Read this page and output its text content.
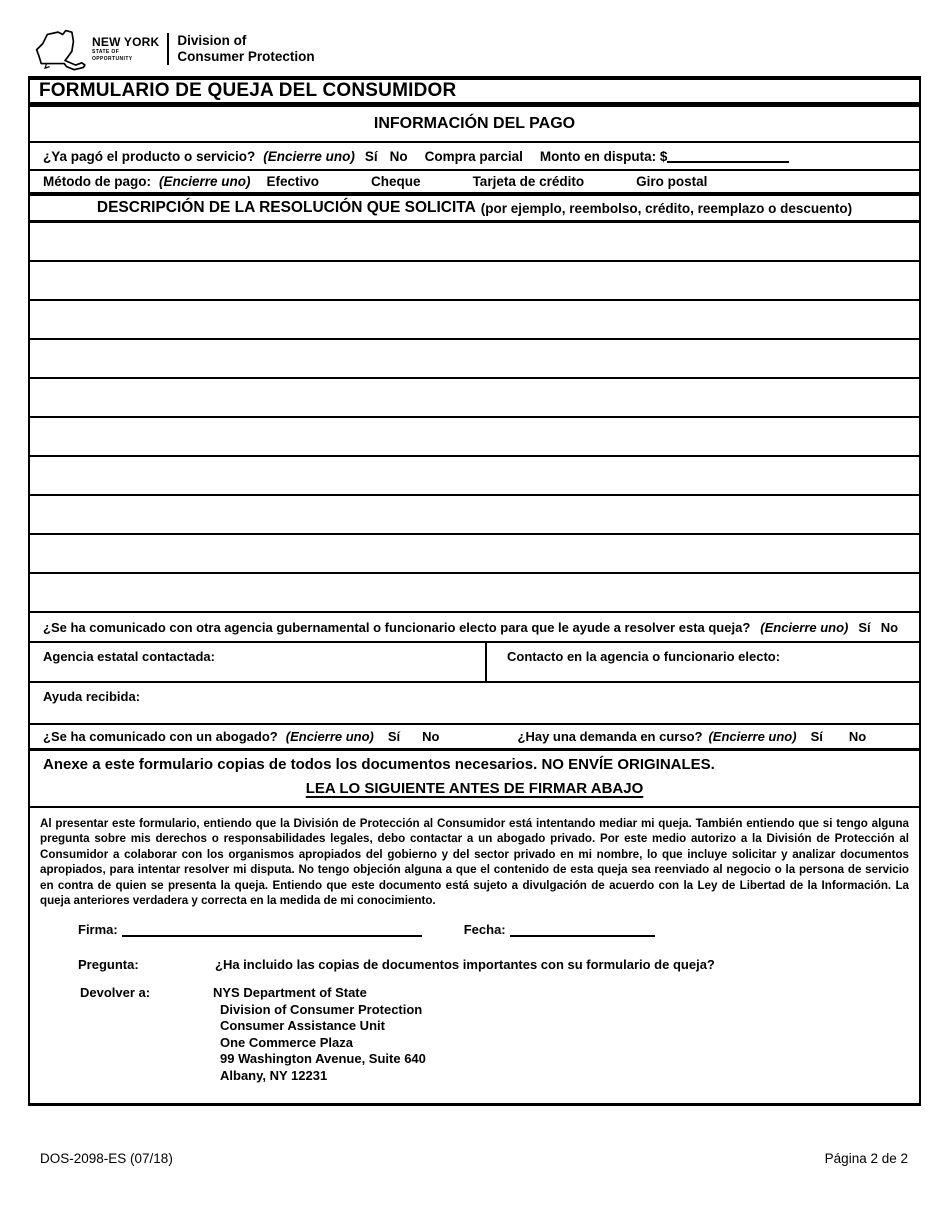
NEW YORK
STATE OF
OPPORTUNITY
Division of
Consumer Protection
FORMULARIO DE QUEJA DEL CONSUMIDOR
INFORMACIÓN DEL PAGO
¿Ya pagó el producto o servicio? (Encierre uno) Sí No Compra parcial Monto en disputa: $
Método de pago: (Encierre uno) Efectivo	Cheque	Tarjeta de crédito	Giro postal
DESCRIPCIÓN DE LA RESOLUCIÓN QUE SOLICITA (por ejemplo, reembolso, crédito, reemplazo o descuento)
¿Se ha comunicado con otra agencia gubernamental o funcionario electo para que le ayude a resolver esta queja? (Encierre uno) Sí No
Agencia estatal contactada:	Contacto en la agencia o funcionario electo:
Ayuda recibida:
¿Se ha comunicado con un abogado? (Encierre uno) Sí No	¿Hay una demanda en curso? (Encierre uno) Sí No
Anexe a este formulario copias de todos los documentos necesarios. NO ENVÍE ORIGINALES.
LEA LO SIGUIENTE ANTES DE FIRMAR ABAJO
Al presentar este formulario, entiendo que la División de Protección al Consumidor está intentando mediar mi queja. También entiendo que si tengo alguna pregunta sobre mis derechos o responsabilidades legales, debo contactar a un abogado privado. Por este medio autorizo a la División de Protección al Consumidor a colaborar con los organismos apropiados del gobierno y del sector privado en mi nombre, lo que incluye solicitar y analizar documentos apropiados, para intentar resolver mi disputa. No tengo objeción alguna a que el contenido de esta queja sea reenviado al negocio o la persona de servicio en contra de quien se presenta la queja. Entiendo que este documento está sujeto a divulgación de acuerdo con la Ley de Libertad de la Información. La queja anteriores verdadera y correcta en la medida de mi conocimiento.
Firma:	Fecha:
Pregunta:	¿Ha incluido las copias de documentos importantes con su formulario de queja?
Devolver a:	NYS Department of State
Division of Consumer Protection
Consumer Assistance Unit
One Commerce Plaza
99 Washington Avenue, Suite 640
Albany, NY 12231
DOS-2098-ES (07/18)	Página 2 de 2
